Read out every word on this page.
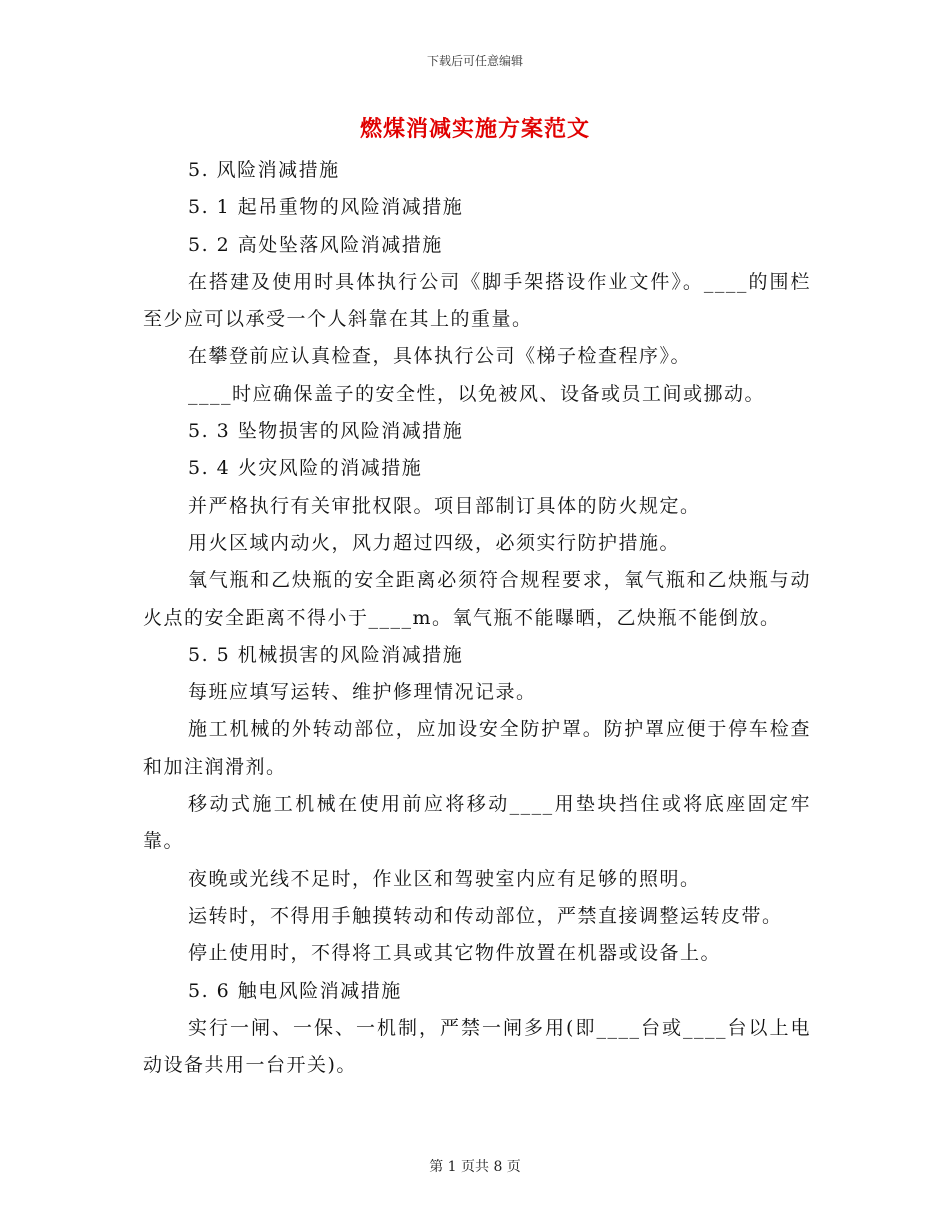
下载后可任意编辑
燃煤消减实施方案范文

5. 风险消减措施

5. 1 起吊重物的风险消减措施

5. 2 高处坠落风险消减措施

在搭建及使用时具体执行公司《脚手架搭设作业文件》。____的围栏至少应可以承受一个人斜靠在其上的重量。

在攀登前应认真检查，具体执行公司《梯子检查程序》。

____时应确保盖子的安全性，以免被风、设备或员工间或挪动。

5. 3 坠物损害的风险消减措施

5. 4 火灾风险的消减措施

并严格执行有关审批权限。项目部制订具体的防火规定。

用火区域内动火，风力超过四级，必须实行防护措施。

氧气瓶和乙炔瓶的安全距离必须符合规程要求，氧气瓶和乙炔瓶与动火点的安全距离不得小于____m。氧气瓶不能曝晒，乙炔瓶不能倒放。

5. 5 机械损害的风险消减措施

每班应填写运转、维护修理情况记录。

施工机械的外转动部位，应加设安全防护罩。防护罩应便于停车检查和加注润滑剂。

移动式施工机械在使用前应将移动____用垫块挡住或将底座固定牢靠。

夜晚或光线不足时，作业区和驾驶室内应有足够的照明。

运转时，不得用手触摸转动和传动部位，严禁直接调整运转皮带。

停止使用时，不得将工具或其它物件放置在机器或设备上。

5. 6 触电风险消减措施

实行一闸、一保、一机制，严禁一闸多用(即____台或____台以上电动设备共用一台开关)。

第 1 页共 8 页
